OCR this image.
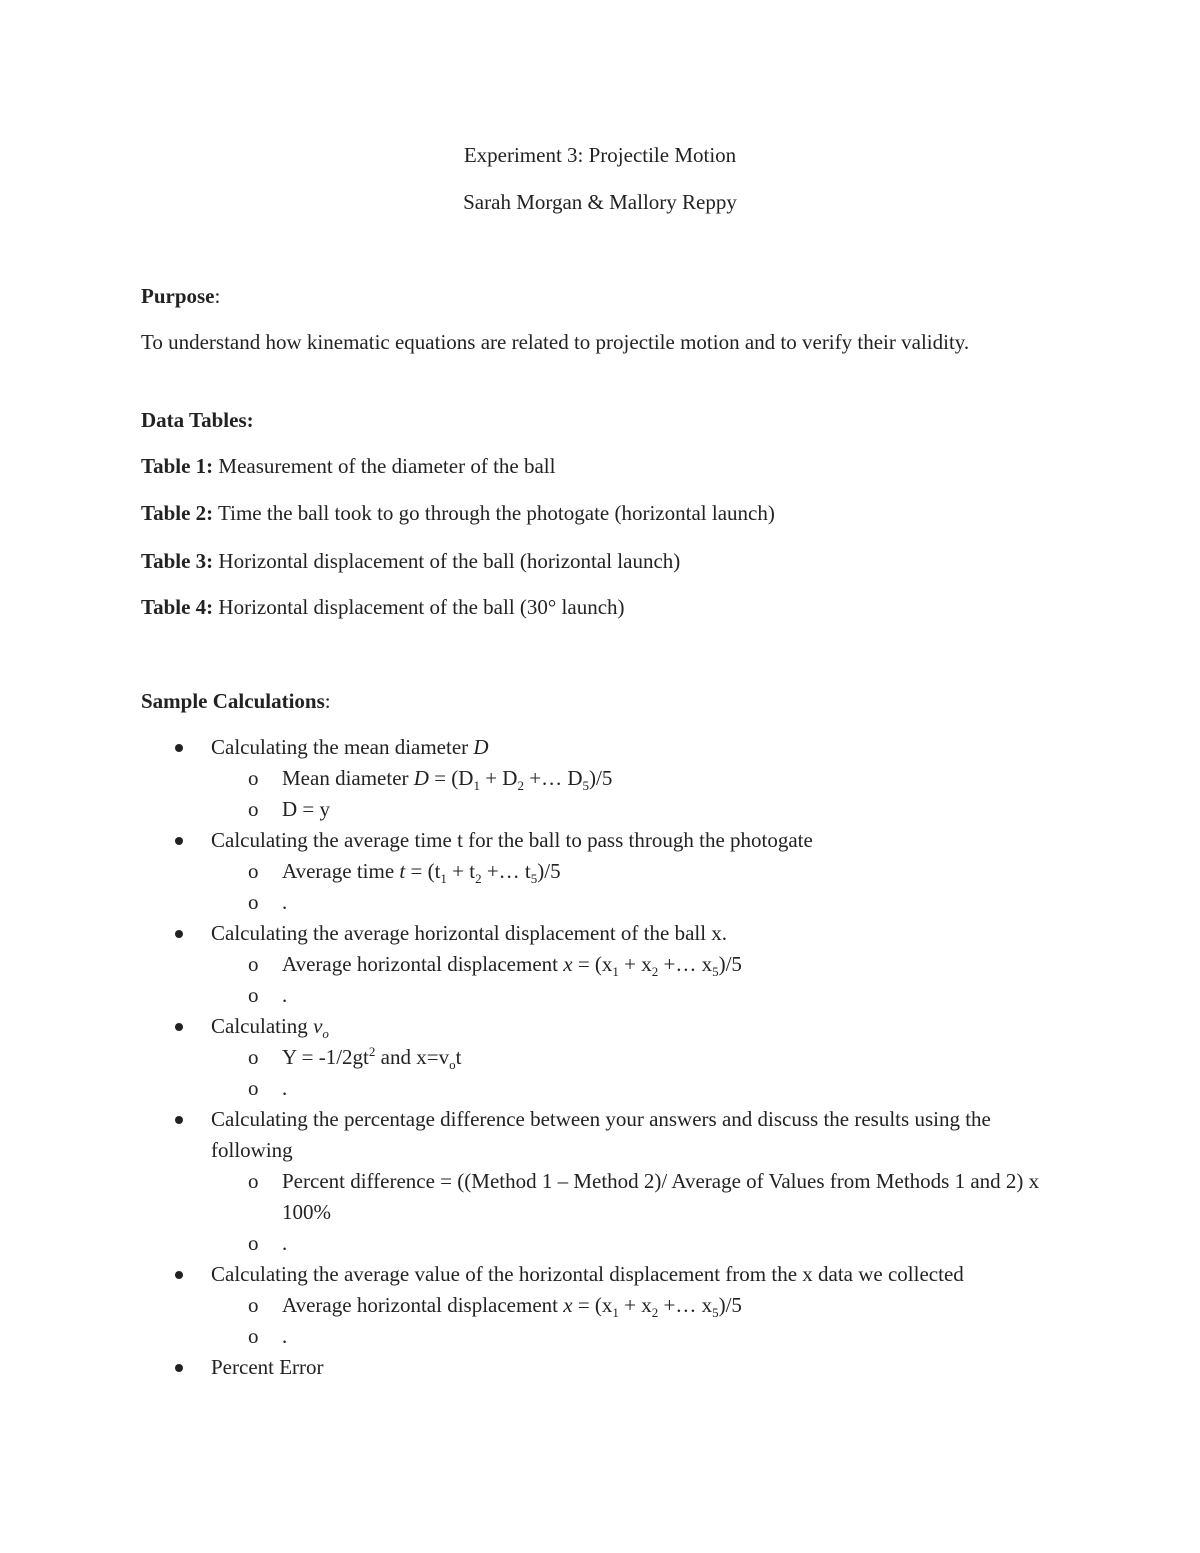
Experiment 3: Projectile Motion
Sarah Morgan & Mallory Reppy
Purpose:
To understand how kinematic equations are related to projectile motion and to verify their validity.
Data Tables:
Table 1: Measurement of the diameter of the ball
Table 2: Time the ball took to go through the photogate (horizontal launch)
Table 3: Horizontal displacement of the ball (horizontal launch)
Table 4: Horizontal displacement of the ball (30° launch)
Sample Calculations:
Calculating the mean diameter D
o Mean diameter $D = (D_1 + D_2$ +… $D_5)/5$
o D = y
Calculating the average time t for the ball to pass through the photogate
o Average time $t = (t_1 + t_2$ +… $t_5)/5$
o .
Calculating the average horizontal displacement of the ball x.
o Average horizontal displacement $x = (x_1 + x_2$ +… $x_5)/5$
o .
Calculating $v_o$
o $Y = -1/2gt^2$ and $x=v_ot$
o .
Calculating the percentage difference between your answers and discuss the results using the following
o Percent difference = ((Method 1 – Method 2)/ Average of Values from Methods 1 and 2) x 100%
o .
Calculating the average value of the horizontal displacement from the x data we collected
o Average horizontal displacement $x = (x_1 + x_2$ +… $x_5)/5$
o .
Percent Error
